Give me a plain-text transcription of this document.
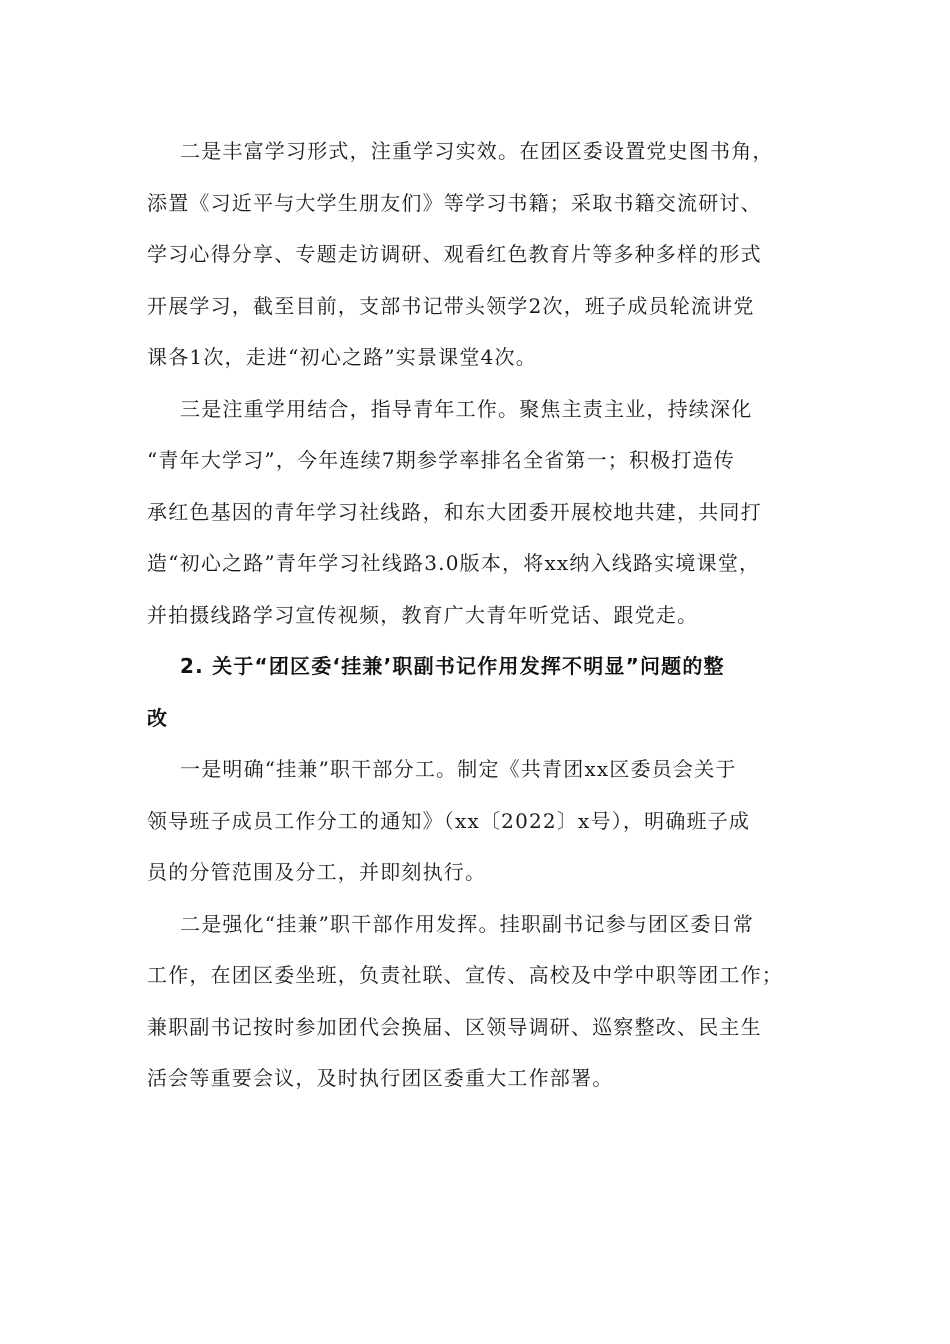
二是丰富学习形式，注重学习实效。在团区委设置党史图书角，
添置《习近平与大学生朋友们》等学习书籍；采取书籍交流研讨、
学习心得分享、专题走访调研、观看红色教育片等多种多样的形式
开展学习，截至目前，支部书记带头领学2次，班子成员轮流讲党
课各1次，走进“初心之路”实景课堂4次。

三是注重学用结合，指导青年工作。聚焦主责主业，持续深化
“青年大学习”，今年连续7期参学率排名全省第一；积极打造传
承红色基因的青年学习社线路，和东大团委开展校地共建，共同打
造“初心之路”青年学习社线路3.0版本，将xx纳入线路实境课堂，
并拍摄线路学习宣传视频，教育广大青年听党话、跟党走。

2. 关于“团区委‘挂兼’职副书记作用发挥不明显”问题的整
改

一是明确“挂兼”职干部分工。制定《共青团xx区委员会关于
领导班子成员工作分工的通知》（xx〔2022〕x号），明确班子成
员的分管范围及分工，并即刻执行。

二是强化“挂兼”职干部作用发挥。挂职副书记参与团区委日常
工作，在团区委坐班，负责社联、宣传、高校及中学中职等团工作；
兼职副书记按时参加团代会换届、区领导调研、巡察整改、民主生
活会等重要会议，及时执行团区委重大工作部署。
